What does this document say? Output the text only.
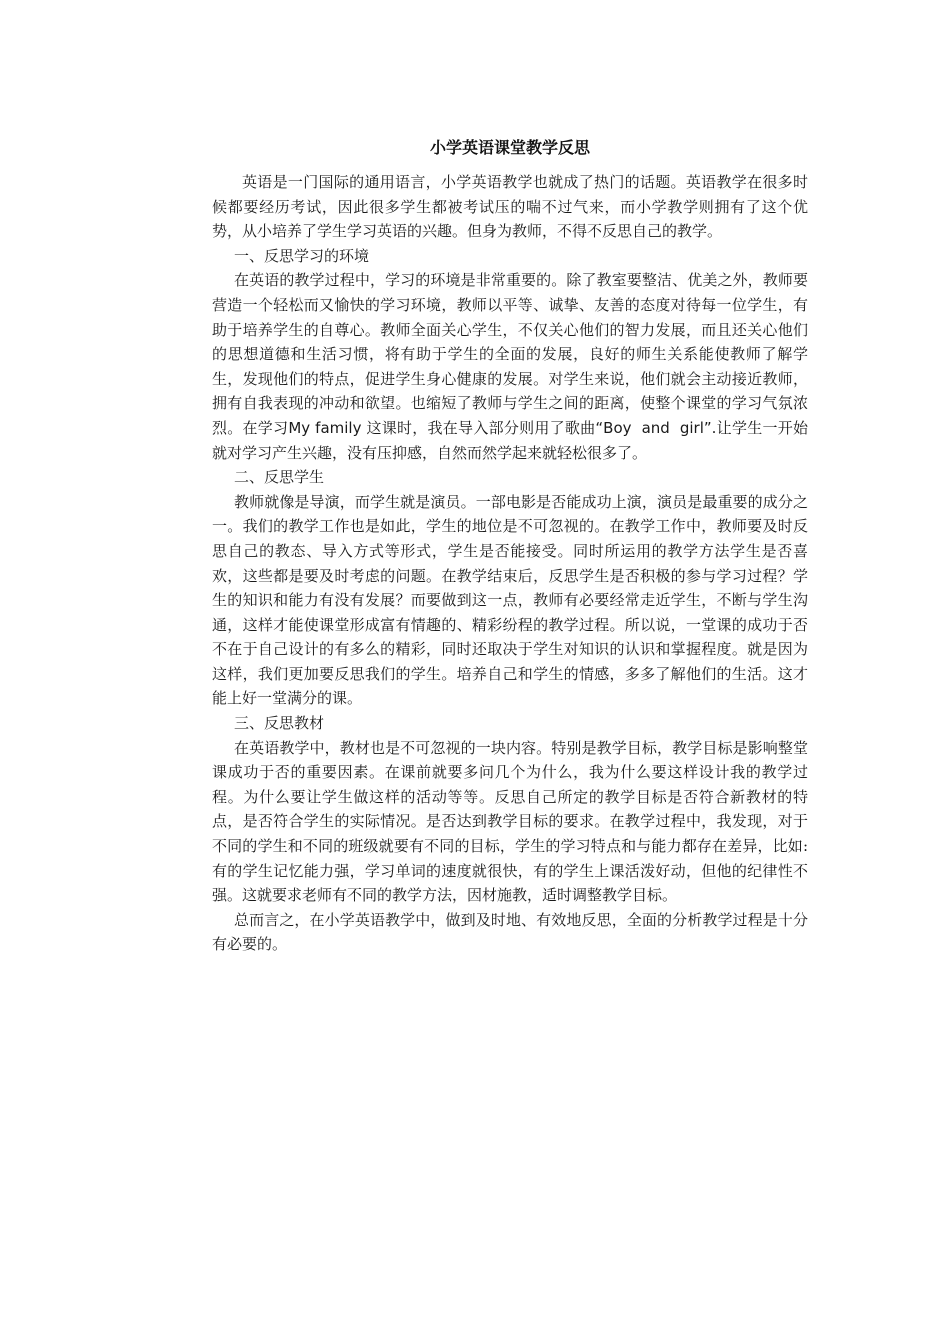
小学英语课堂教学反思

英语是一门国际的通用语言，小学英语教学也就成了热门的话题。英语教学在很多时候都要经历考试，因此很多学生都被考试压的喘不过气来，而小学教学则拥有了这个优势，从小培养了学生学习英语的兴趣。但身为教师，不得不反思自己的教学。

一、反思学习的环境

在英语的教学过程中，学习的环境是非常重要的。除了教室要整洁、优美之外，教师要营造一个轻松而又愉快的学习环境，教师以平等、诚挚、友善的态度对待每一位学生，有助于培养学生的自尊心。教师全面关心学生，不仅关心他们的智力发展，而且还关心他们的思想道德和生活习惯，将有助于学生的全面的发展，良好的师生关系能使教师了解学生，发现他们的特点，促进学生身心健康的发展。对学生来说，他们就会主动接近教师，拥有自我表现的冲动和欲望。也缩短了教师与学生之间的距离，使整个课堂的学习气氛浓烈。在学习My family 这课时，我在导入部分则用了歌曲“Boy  and  girl”.让学生一开始就对学习产生兴趣，没有压抑感，自然而然学起来就轻松很多了。

二、反思学生

教师就像是导演，而学生就是演员。一部电影是否能成功上演，演员是最重要的成分之一。我们的教学工作也是如此，学生的地位是不可忽视的。在教学工作中，教师要及时反思自己的教态、导入方式等形式，学生是否能接受。同时所运用的教学方法学生是否喜欢，这些都是要及时考虑的问题。在教学结束后，反思学生是否积极的参与学习过程？学生的知识和能力有没有发展？而要做到这一点，教师有必要经常走近学生，不断与学生沟通，这样才能使课堂形成富有情趣的、精彩纷程的教学过程。所以说，一堂课的成功于否不在于自己设计的有多么的精彩，同时还取决于学生对知识的认识和掌握程度。就是因为这样，我们更加要反思我们的学生。培养自己和学生的情感，多多了解他们的生活。这才能上好一堂满分的课。

三、反思教材

在英语教学中，教材也是不可忽视的一块内容。特别是教学目标，教学目标是影响整堂课成功于否的重要因素。在课前就要多问几个为什么，我为什么要这样设计我的教学过程。为什么要让学生做这样的活动等等。反思自己所定的教学目标是否符合新教材的特点，是否符合学生的实际情况。是否达到教学目标的要求。在教学过程中，我发现，对于不同的学生和不同的班级就要有不同的目标，学生的学习特点和与能力都存在差异，比如:有的学生记忆能力强，学习单词的速度就很快，有的学生上课活泼好动，但他的纪律性不强。这就要求老师有不同的教学方法，因材施教，适时调整教学目标。

总而言之，在小学英语教学中，做到及时地、有效地反思，全面的分析教学过程是十分有必要的。
